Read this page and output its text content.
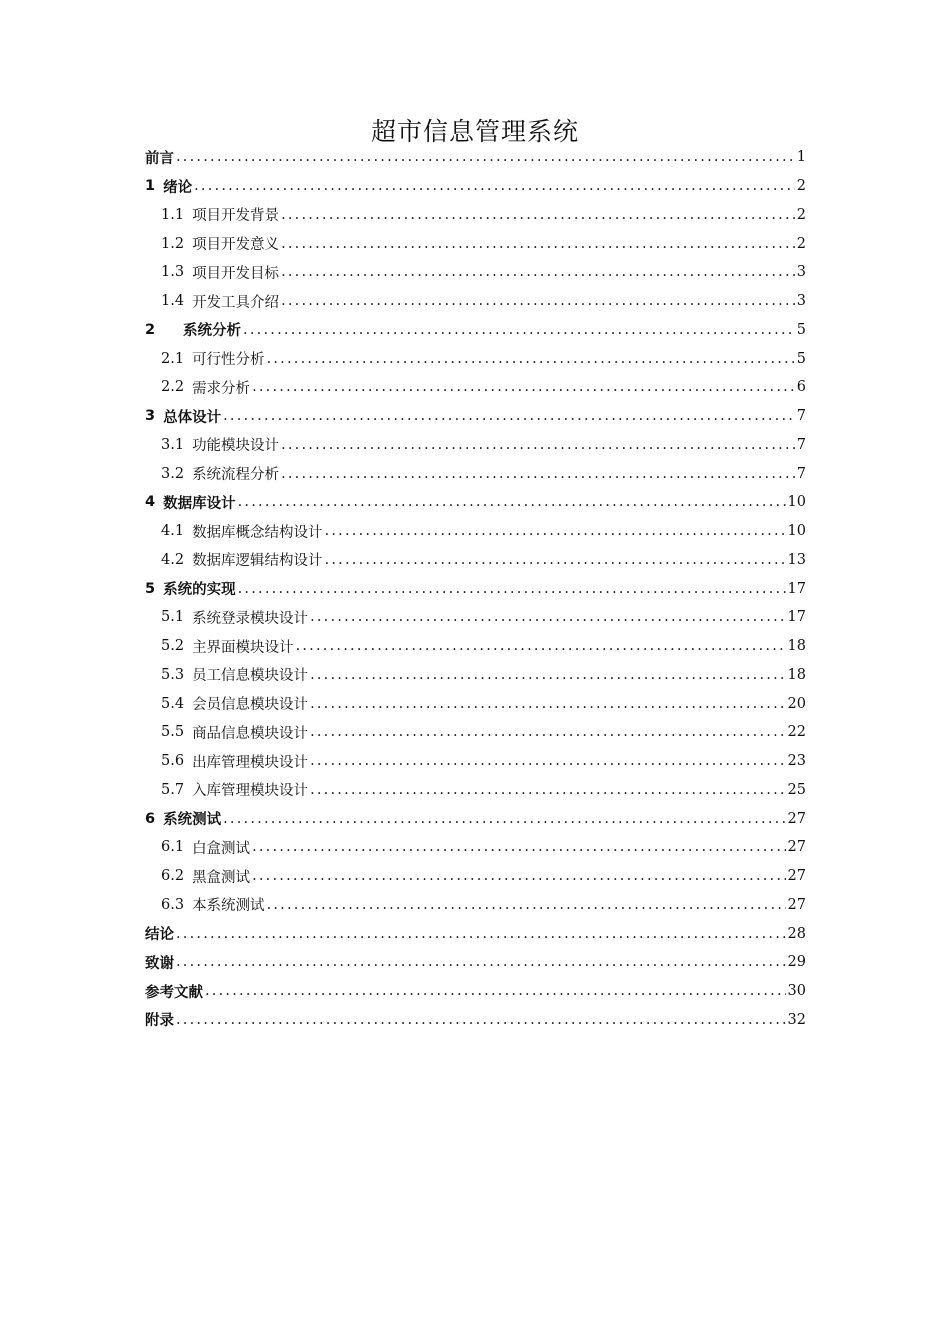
超市信息管理系统
前言 .....	1
1 绪论 .....	2
1.1 项目开发背景 .....	2
1.2 项目开发意义 .....	2
1.3 项目开发目标 .....	3
1.4 开发工具介绍 .....	3
2	系统分析 .....	5
2.1 可行性分析 .....	5
2.2 需求分析 .....	6
3 总体设计 .....	7
3.1 功能模块设计 .....	7
3.2 系统流程分析 .....	7
4 数据库设计 .....	10
4.1 数据库概念结构设计 .....	10
4.2 数据库逻辑结构设计 .....	13
5 系统的实现 .....	17
5.1 系统登录模块设计 .....	17
5.2 主界面模块设计 .....	18
5.3 员工信息模块设计 .....	18
5.4 会员信息模块设计 .....	20
5.5 商品信息模块设计 .....	22
5.6 出库管理模块设计 .....	23
5.7 入库管理模块设计 .....	25
6 系统测试 .....	27
6.1 白盒测试 .....	27
6.2 黑盒测试 .....	27
6.3 本系统测试 .....	27
结论 .....	28
致谢 .....	29
参考文献 .....	30
附录 .....	32
